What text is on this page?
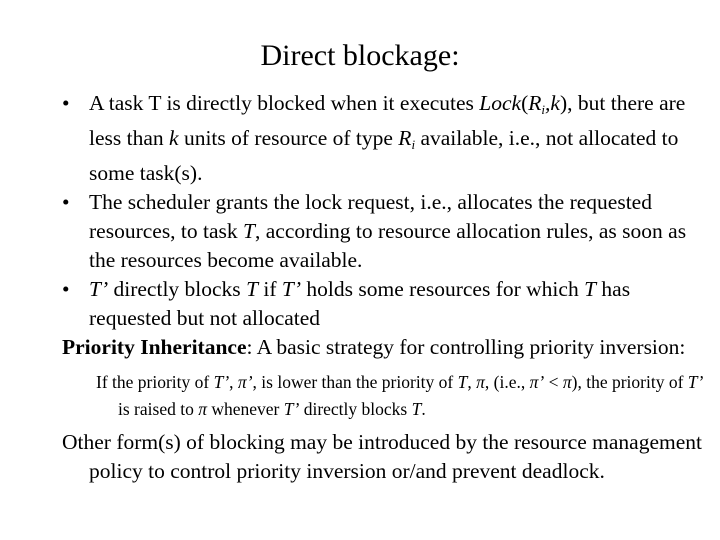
Direct blockage:
• A task T is directly blocked when it executes $Lock(R_i,k)$, but there are less than k units of resource of type $R_i$ available, i.e., not allocated to some task(s).
• The scheduler grants the lock request, i.e., allocates the requested resources, to task T, according to resource allocation rules, as soon as the resources become available.
• T’ directly blocks T if T’ holds some resources for which T has requested but not allocated
Priority Inheritance: A basic strategy for controlling priority inversion:
If the priority of T’, π’, is lower than the priority of T, π, (i.e., π’ < π), the priority of T’ is raised to π whenever T’ directly blocks T.
Other form(s) of blocking may be introduced by the resource management policy to control priority inversion or/and prevent deadlock.
